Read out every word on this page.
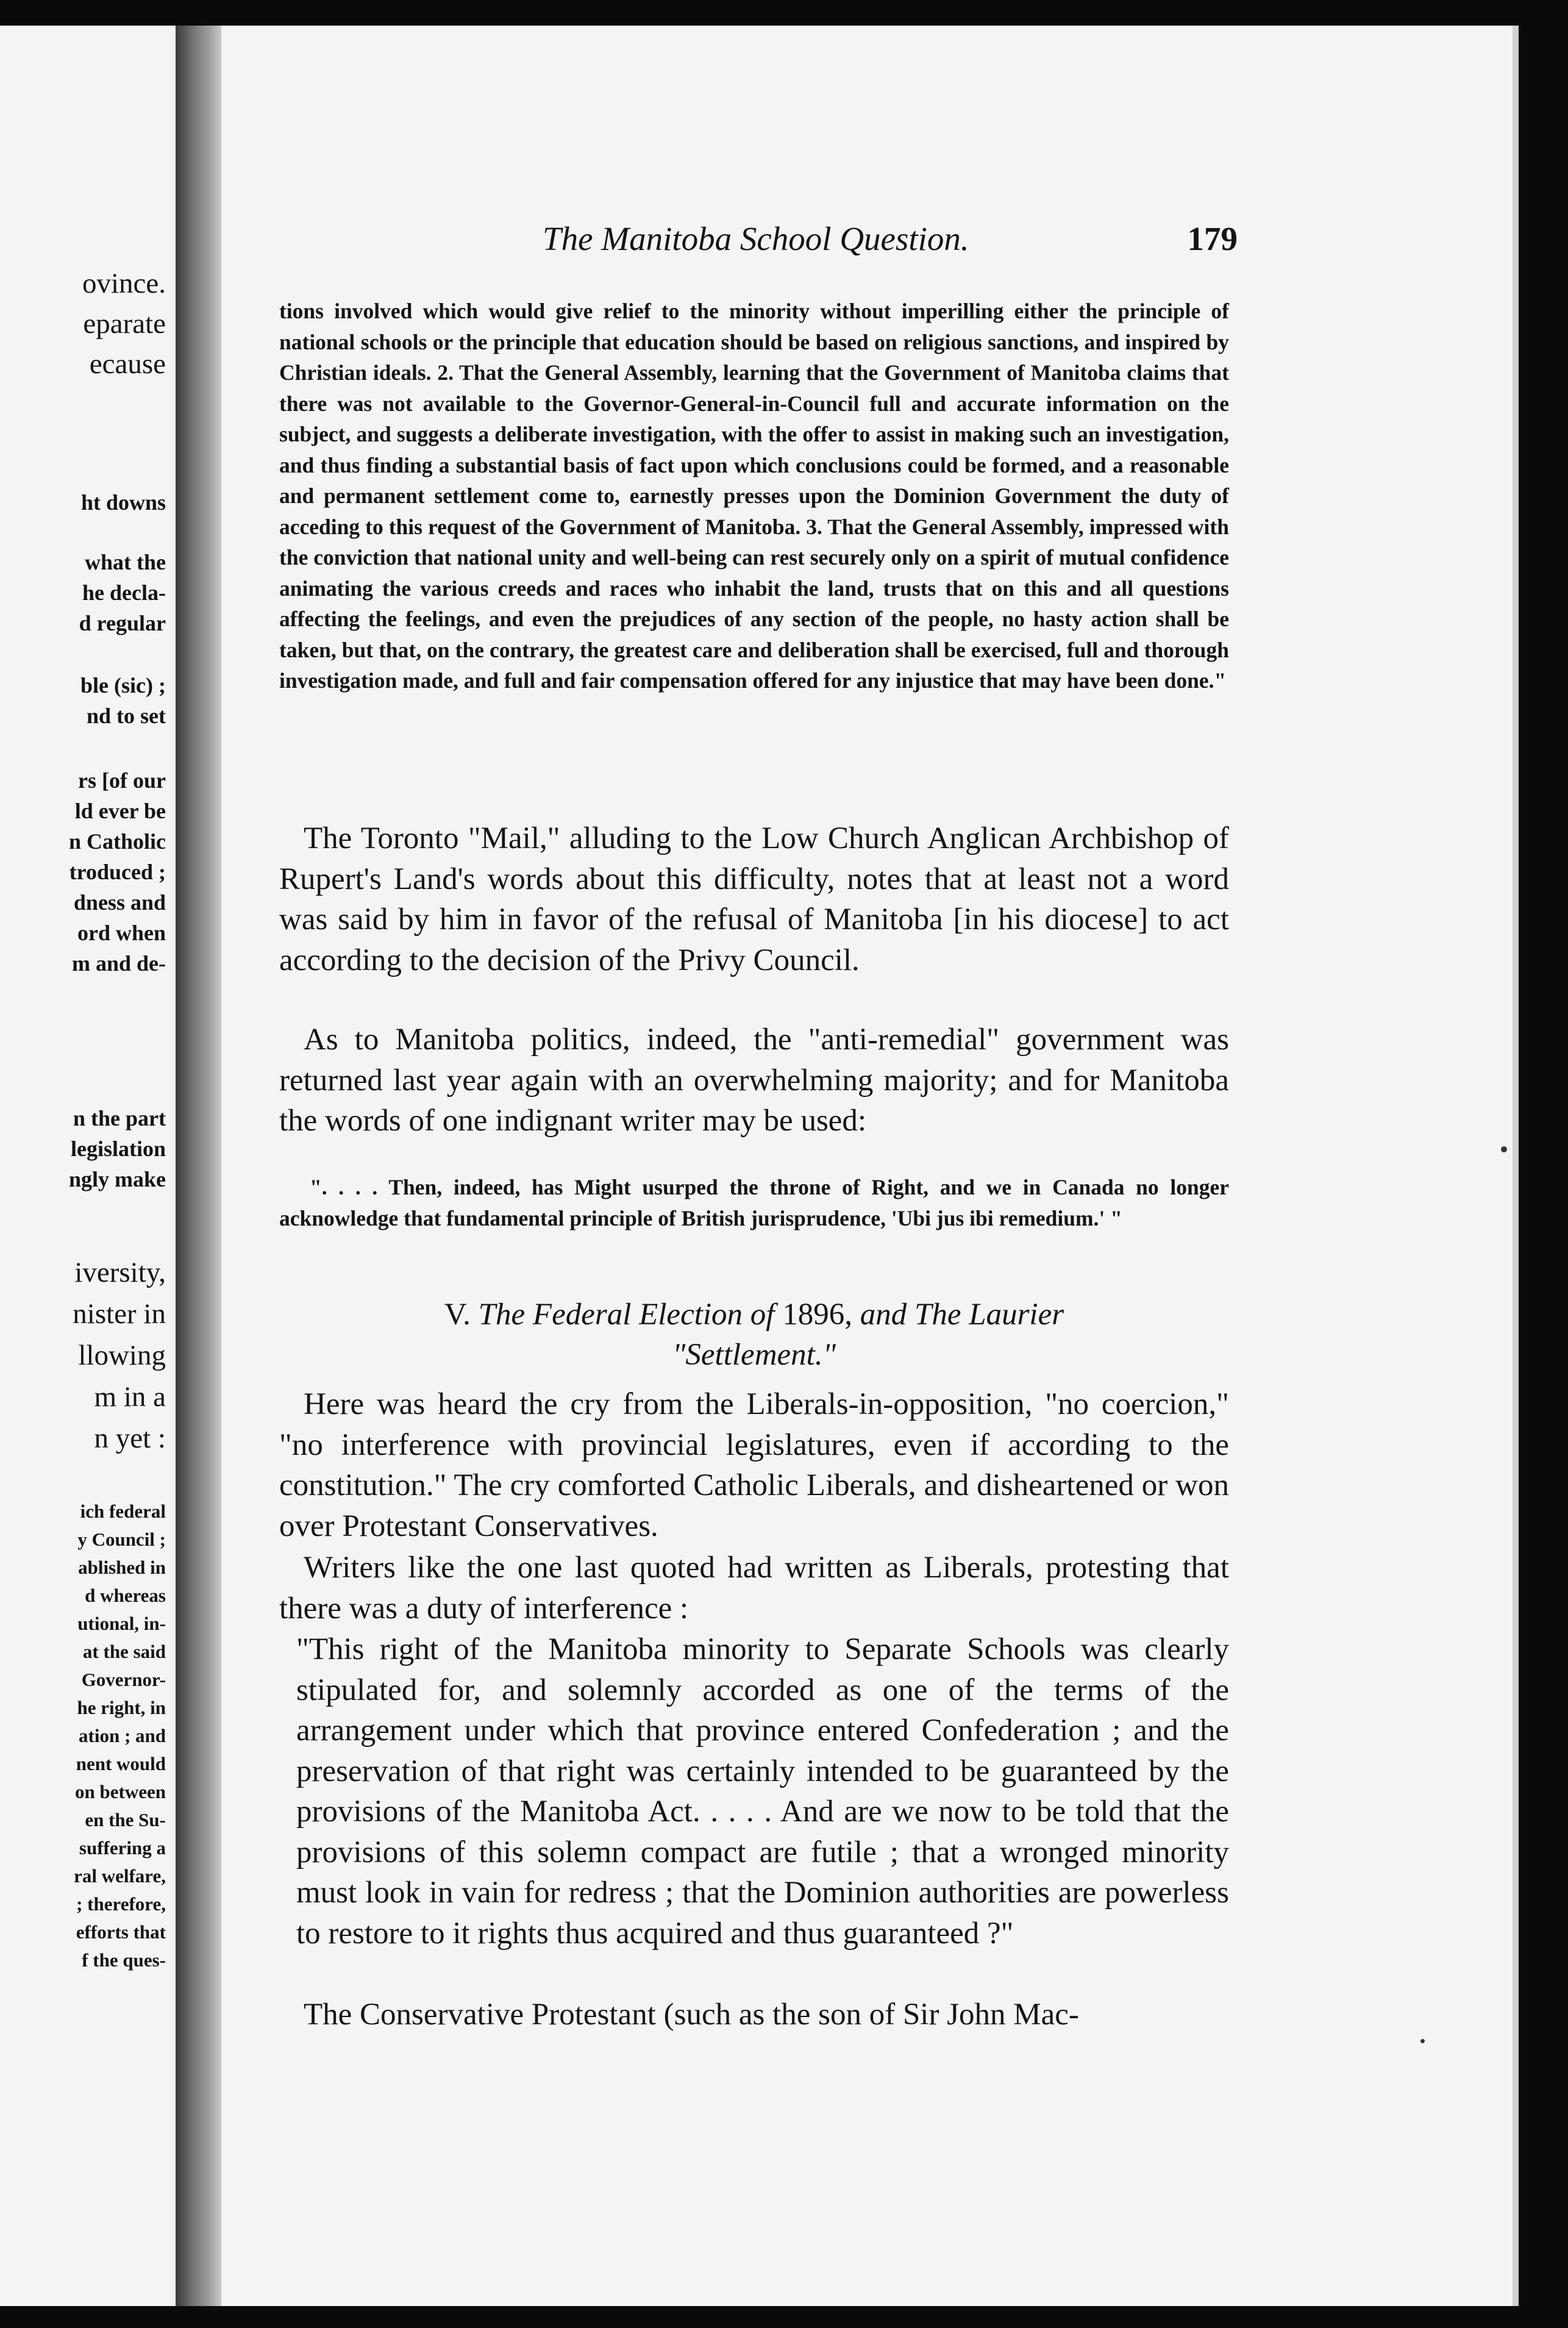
ovince.
eparate
ecause
ht downs
what the
he decla-
d regular
ble (sic) ;
nd to set
rs [of our
ld ever be
n Catholic
troduced ;
dness and
ord when
m and de-
n the part
legislation
ngly make
iversity,
nister in
llowing
m in a
n yet :
ich federal
y Council ;
ablished in
d whereas
utional, in-
at the said
Governor-
he right, in
ation ; and
nent would
on between
en the Su-
suffering a
ral welfare,
; therefore,
efforts that
f the ques-
The Manitoba School Question.	179

tions involved which would give relief to the minority without imperilling either the principle of national schools or the principle that education should be based on religious sanctions, and inspired by Christian ideals. 2. That the General Assembly, learning that the Government of Manitoba claims that there was not available to the Governor-General-in-Council full and accurate information on the subject, and suggests a deliberate investigation, with the offer to assist in making such an investigation, and thus finding a substantial basis of fact upon which conclusions could be formed, and a reasonable and permanent settlement come to, earnestly presses upon the Dominion Government the duty of acceding to this request of the Government of Manitoba. 3. That the General Assembly, impressed with the conviction that national unity and well-being can rest securely only on a spirit of mutual confidence animating the various creeds and races who inhabit the land, trusts that on this and all questions affecting the feelings, and even the prejudices of any section of the people, no hasty action shall be taken, but that, on the contrary, the greatest care and deliberation shall be exercised, full and thorough investigation made, and full and fair compensation offered for any injustice that may have been done."

The Toronto "Mail," alluding to the Low Church Anglican Archbishop of Rupert's Land's words about this difficulty, notes that at least not a word was said by him in favor of the refusal of Manitoba [in his diocese] to act according to the decision of the Privy Council.

As to Manitoba politics, indeed, the "anti-remedial" government was returned last year again with an overwhelming majority; and for Manitoba the words of one indignant writer may be used:

". . . . Then, indeed, has Might usurped the throne of Right, and we in Canada no longer acknowledge that fundamental principle of British jurisprudence, 'Ubi jus ibi remedium.' "

V. The Federal Election of 1896, and The Laurier
"Settlement."

Here was heard the cry from the Liberals-in-opposition, "no coercion," "no interference with provincial legislatures, even if according to the constitution." The cry comforted Catholic Liberals, and disheartened or won over Protestant Conservatives.

Writers like the one last quoted had written as Liberals, protesting that there was a duty of interference :

"This right of the Manitoba minority to Separate Schools was clearly stipulated for, and solemnly accorded as one of the terms of the arrangement under which that province entered Confederation ; and the preservation of that right was certainly intended to be guaranteed by the provisions of the Manitoba Act. . . . . And are we now to be told that the provisions of this solemn compact are futile ; that a wronged minority must look in vain for redress ; that the Dominion authorities are powerless to restore to it rights thus acquired and thus guaranteed ?"

The Conservative Protestant (such as the son of Sir John Mac-
